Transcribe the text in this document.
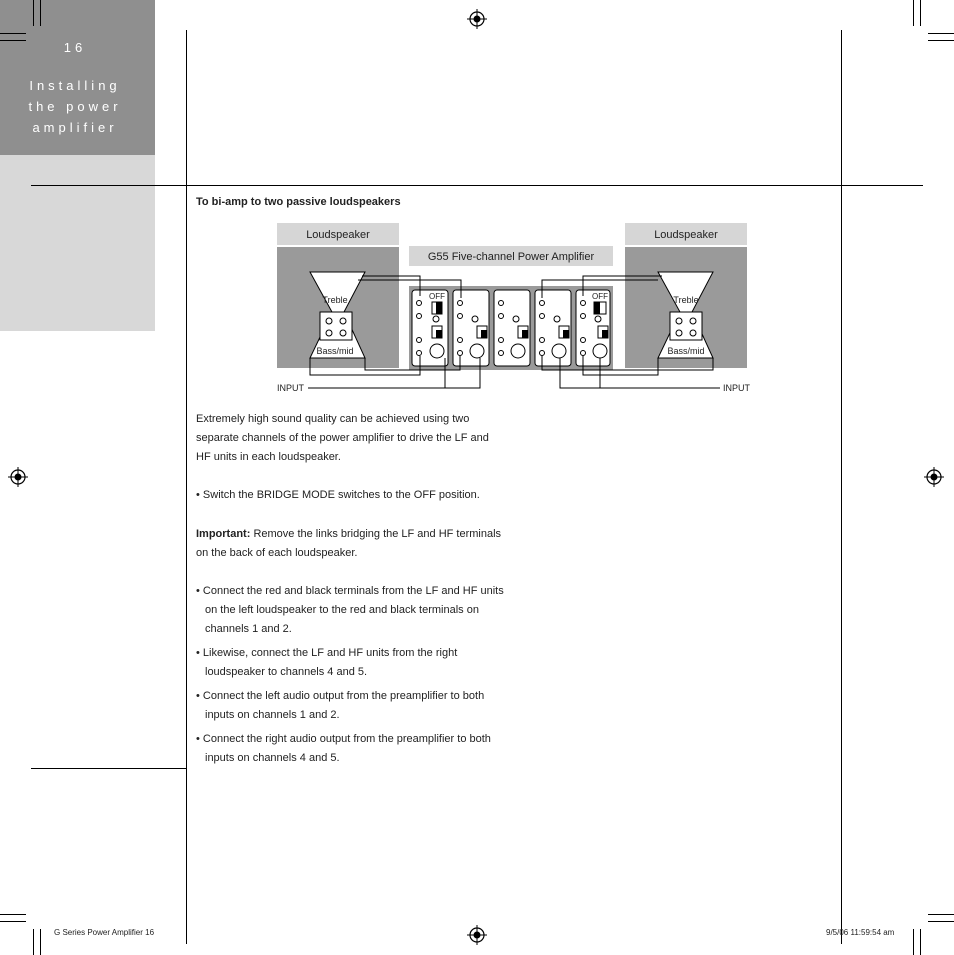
16
Installing
the power
amplifier
To bi-amp to two passive loudspeakers
Loudspeaker
Treble
Bass/mid
Loudspeaker
Treble
Bass/mid
G55 Five-channel Power Amplifier
OFF	OFF
INPUT	INPUT
Extremely high sound quality can be achieved using two separate channels of the power amplifier to drive the LF and HF units in each loudspeaker.
• Switch the BRIDGE MODE switches to the OFF position.
Important: Remove the links bridging the LF and HF terminals on the back of each loudspeaker.
• Connect the red and black terminals from the LF and HF units on the left loudspeaker to the red and black terminals on channels 1 and 2.
• Likewise, connect the LF and HF units from the right loudspeaker to channels 4 and 5.
• Connect the left audio output from the preamplifier to both inputs on channels 1 and 2.
• Connect the right audio output from the preamplifier to both inputs on channels 4 and 5.
G Series Power Amplifier 16	9/5/06 11:59:54 am
